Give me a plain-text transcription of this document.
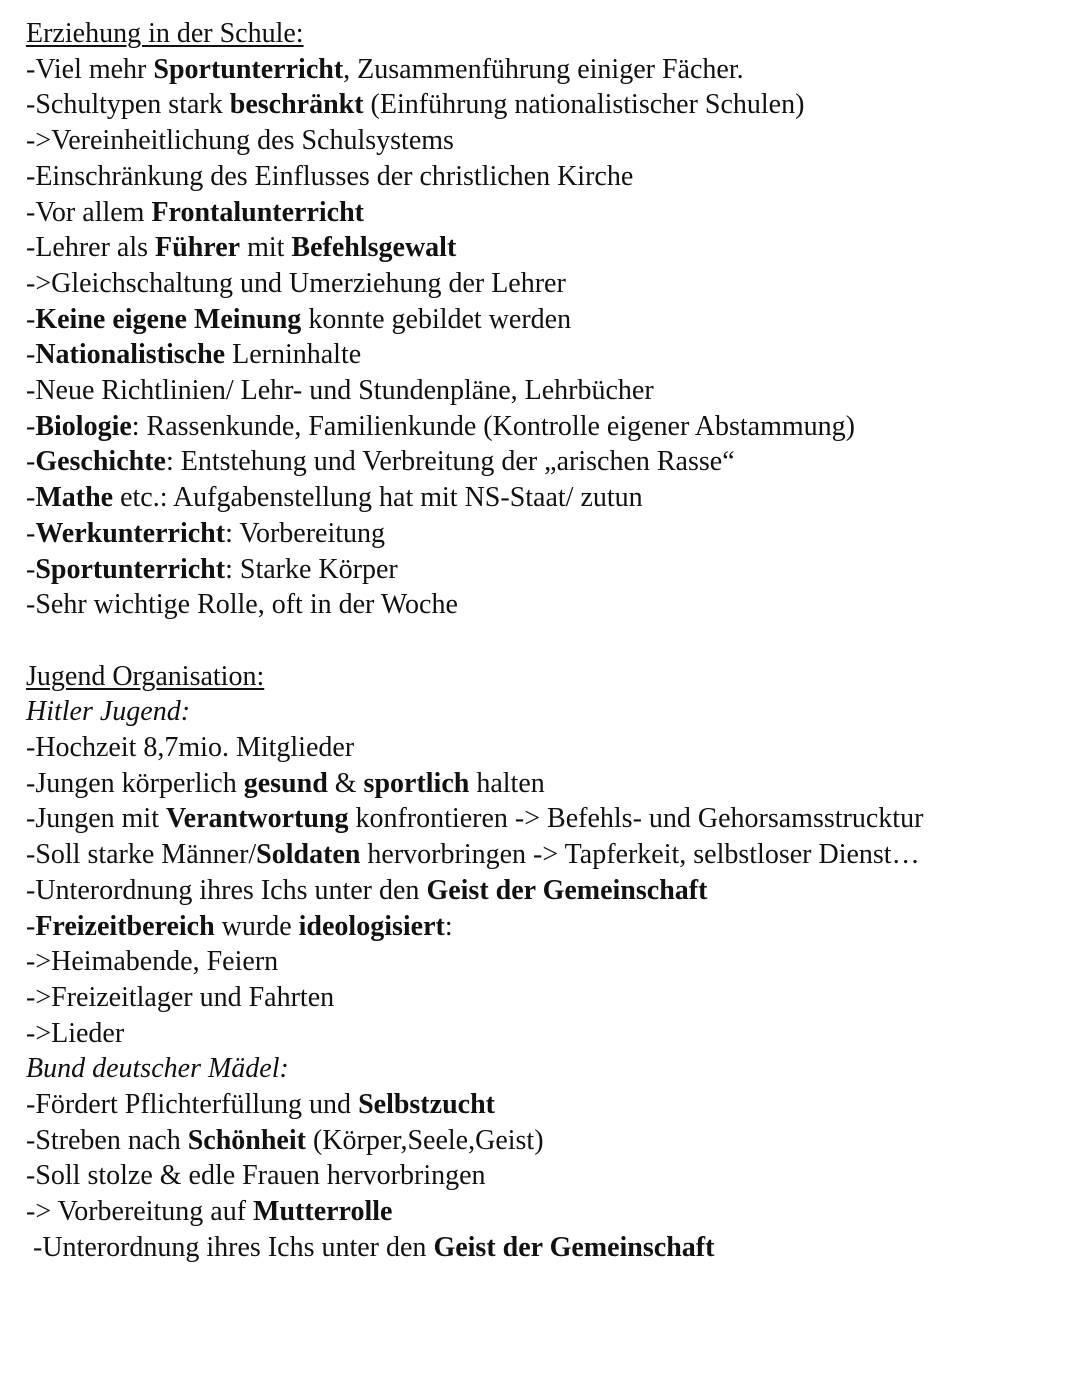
Erziehung in der Schule:
-Viel mehr Sportunterricht, Zusammenführung einiger Fächer.
-Schultypen stark beschränkt (Einführung nationalistischer Schulen)
->Vereinheitlichung des Schulsystems
-Einschränkung des Einflusses der christlichen Kirche
-Vor allem Frontalunterricht
-Lehrer als Führer mit Befehlsgewalt
->Gleichschaltung und Umerziehung der Lehrer
-Keine eigene Meinung konnte gebildet werden
-Nationalistische Lerninhalte
-Neue Richtlinien/ Lehr- und Stundenpläne, Lehrbücher
-Biologie: Rassenkunde, Familienkunde (Kontrolle eigener Abstammung)
-Geschichte: Entstehung und Verbreitung der „arischen Rasse“
-Mathe etc.: Aufgabenstellung hat mit NS-Staat/ zutun
-Werkunterricht: Vorbereitung
-Sportunterricht: Starke Körper
-Sehr wichtige Rolle, oft in der Woche
Jugend Organisation:
Hitler Jugend:
-Hochzeit 8,7mio. Mitglieder
-Jungen körperlich gesund & sportlich halten
-Jungen mit Verantwortung konfrontieren -> Befehls- und Gehorsamsstrucktur
-Soll starke Männer/Soldaten hervorbringen -> Tapferkeit, selbstloser Dienst…
-Unterordnung ihres Ichs unter den Geist der Gemeinschaft
-Freizeitbereich wurde ideologisiert:
->Heimabende, Feiern
->Freizeitlager und Fahrten
->Lieder
Bund deutscher Mädel:
-Fördert Pflichterfüllung und Selbstzucht
-Streben nach Schönheit (Körper,Seele,Geist)
-Soll stolze & edle Frauen hervorbringen
-> Vorbereitung auf Mutterrolle
-Unterordnung ihres Ichs unter den Geist der Gemeinschaft
